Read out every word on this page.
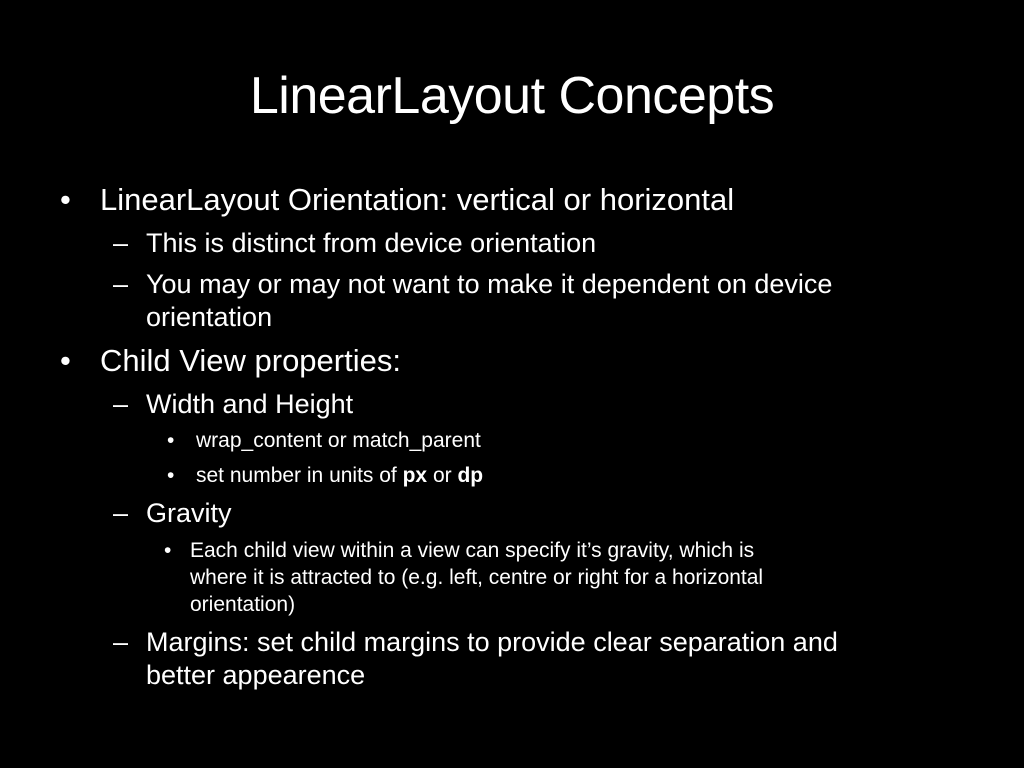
LinearLayout Concepts
• LinearLayout Orientation: vertical or horizontal
– This is distinct from device orientation
– You may or may not want to make it dependent on device
orientation
• Child View properties:
– Width and Height
• wrap_content or match_parent
• set number in units of px or dp
– Gravity
• Each child view within a view can specify it’s gravity, which is
where it is attracted to (e.g. left, centre or right for a horizontal
orientation)
– Margins: set child margins to provide clear separation and
better appearence
